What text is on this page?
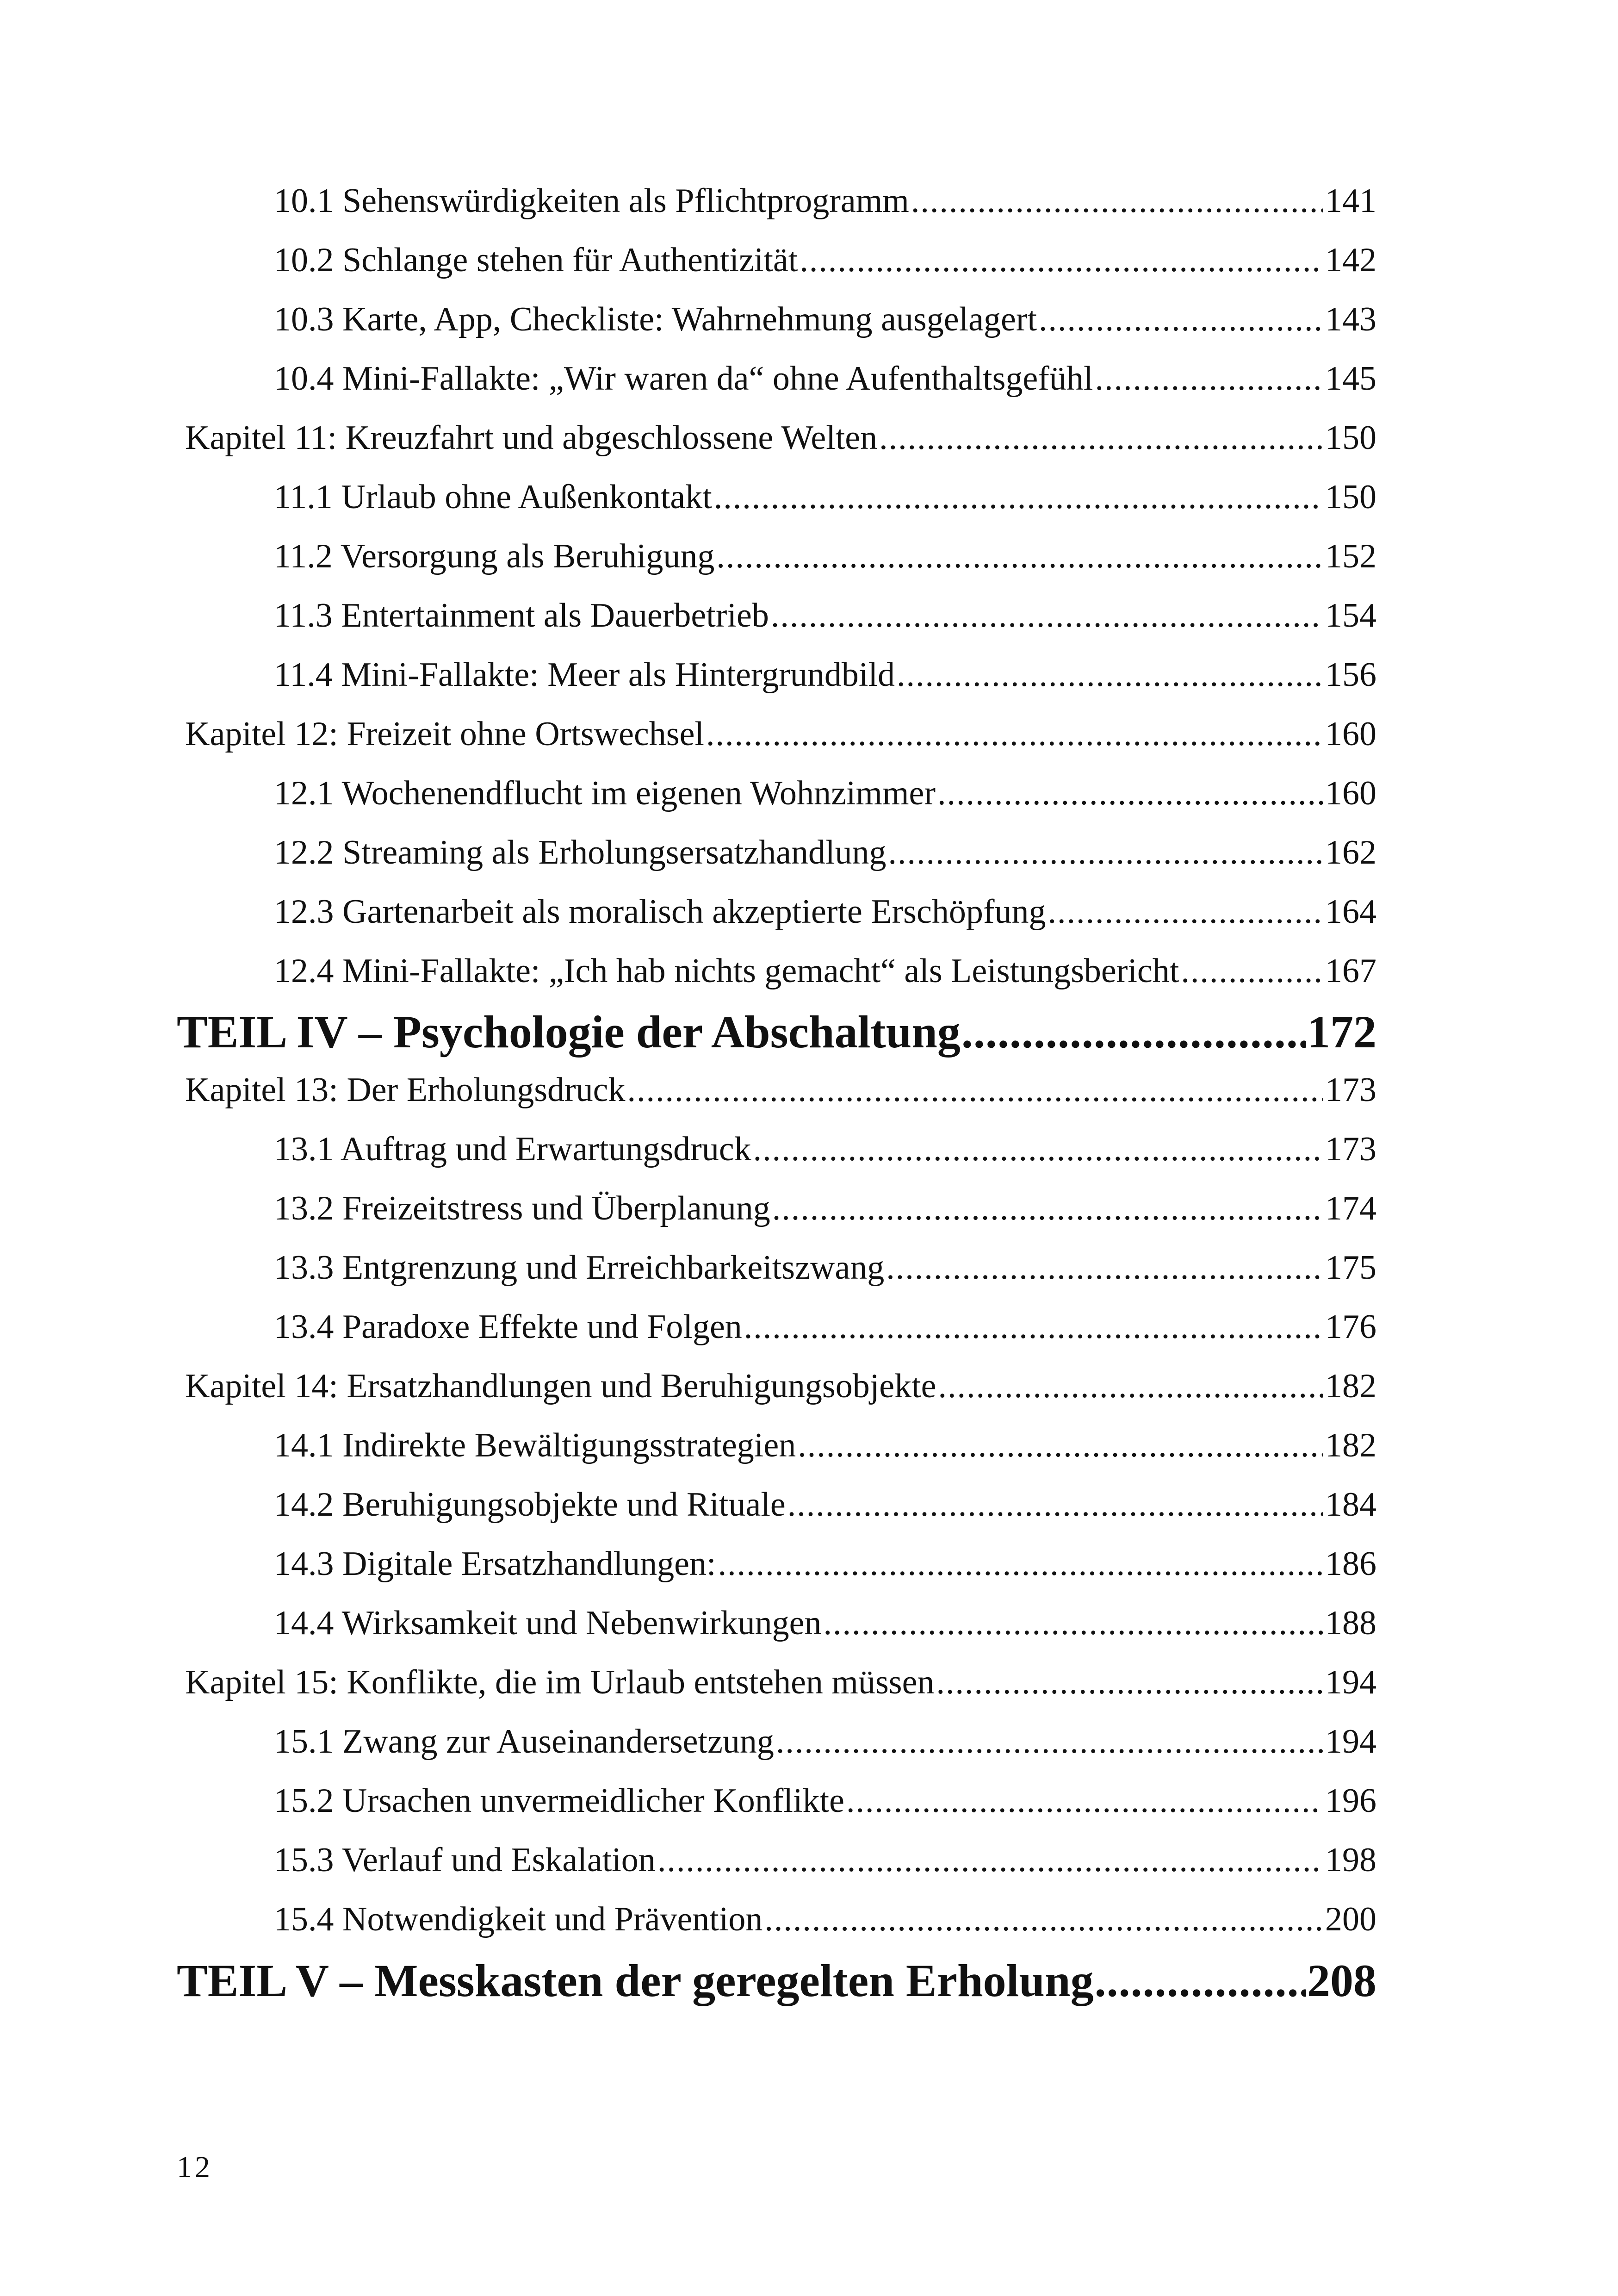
10.1 Sehenswürdigkeiten als Pflichtprogramm .....	141
10.2 Schlange stehen für Authentizität .....	142
10.3 Karte, App, Checkliste: Wahrnehmung ausgelagert .....	143
10.4 Mini-Fallakte: „Wir waren da“ ohne Aufenthaltsgefühl .....	145
Kapitel 11: Kreuzfahrt und abgeschlossene Welten .....	150
11.1 Urlaub ohne Außenkontakt .....	150
11.2 Versorgung als Beruhigung .....	152
11.3 Entertainment als Dauerbetrieb .....	154
11.4 Mini-Fallakte: Meer als Hintergrundbild .....	156
Kapitel 12: Freizeit ohne Ortswechsel .....	160
12.1 Wochenendflucht im eigenen Wohnzimmer .....	160
12.2 Streaming als Erholungsersatzhandlung .....	162
12.3 Gartenarbeit als moralisch akzeptierte Erschöpfung .....	164
12.4 Mini-Fallakte: „Ich hab nichts gemacht“ als Leistungsbericht .....	167
TEIL IV – Psychologie der Abschaltung .....	172
Kapitel 13: Der Erholungsdruck .....	173
13.1 Auftrag und Erwartungsdruck .....	173
13.2 Freizeitstress und Überplanung .....	174
13.3 Entgrenzung und Erreichbarkeitszwang .....	175
13.4 Paradoxe Effekte und Folgen .....	176
Kapitel 14: Ersatzhandlungen und Beruhigungsobjekte .....	182
14.1 Indirekte Bewältigungsstrategien .....	182
14.2 Beruhigungsobjekte und Rituale .....	184
14.3 Digitale Ersatzhandlungen: .....	186
14.4 Wirksamkeit und Nebenwirkungen .....	188
Kapitel 15: Konflikte, die im Urlaub entstehen müssen .....	194
15.1 Zwang zur Auseinandersetzung .....	194
15.2 Ursachen unvermeidlicher Konflikte .....	196
15.3 Verlauf und Eskalation .....	198
15.4 Notwendigkeit und Prävention .....	200
TEIL V – Messkasten der geregelten Erholung .....	208
12
